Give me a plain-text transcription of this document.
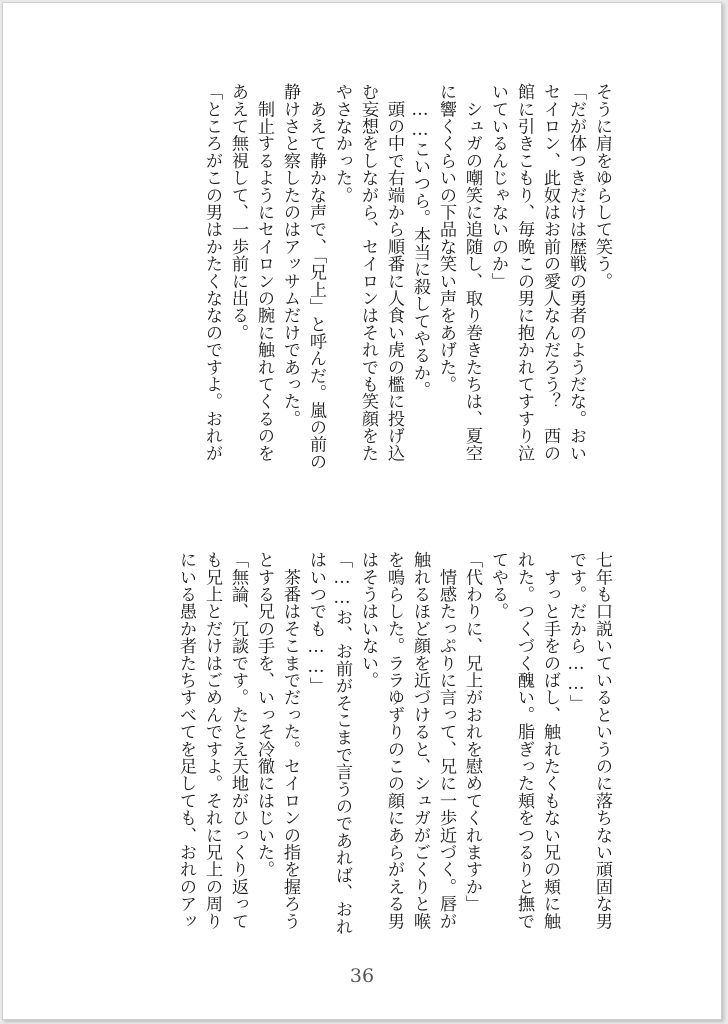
そうに肩をゆらして笑う。
「だが体つきだけは歴戦の勇者のようだな。おい
セイロン、此奴はお前の愛人なんだろう？　西の
館に引きこもり、毎晩この男に抱かれてすすり泣
いているんじゃないのか」
　シュガの嘲笑に追随し、取り巻きたちは、夏空
に響くくらいの下品な笑い声をあげた。
　……こいつら。本当に殺してやるか。
　頭の中で右端から順番に人食い虎の檻に投げ込
む妄想をしながら、セイロンはそれでも笑顔をた
やさなかった。
　あえて静かな声で、「兄上」と呼んだ。嵐の前の
静けさと察したのはアッサムだけであった。
　制止するようにセイロンの腕に触れてくるのを
あえて無視して、一歩前に出る。
「ところがこの男はかたくななのですよ。おれが
七年も口説いているというのに落ちない頑固な男
です。だから……」
　すっと手をのばし、触れたくもない兄の頬に触
れた。つくづく醜い。脂ぎった頬をつるりと撫で
てやる。
「代わりに、兄上がおれを慰めてくれますか」
　情感たっぷりに言って、兄に一歩近づく。唇が
触れるほど顔を近づけると、シュガがごくりと喉
を鳴らした。ララゆずりのこの顔にあらがえる男
はそうはいない。
「……お、お前がそこまで言うのであれば、おれ
はいつでも……」
　茶番はそこまでだった。セイロンの指を握ろう
とする兄の手を、いっそ冷徹にはじいた。
「無論、冗談です。たとえ天地がひっくり返って
も兄上とだけはごめんですよ。それに兄上の周り
にいる愚か者たちすべてを足しても、おれのアッ
36
